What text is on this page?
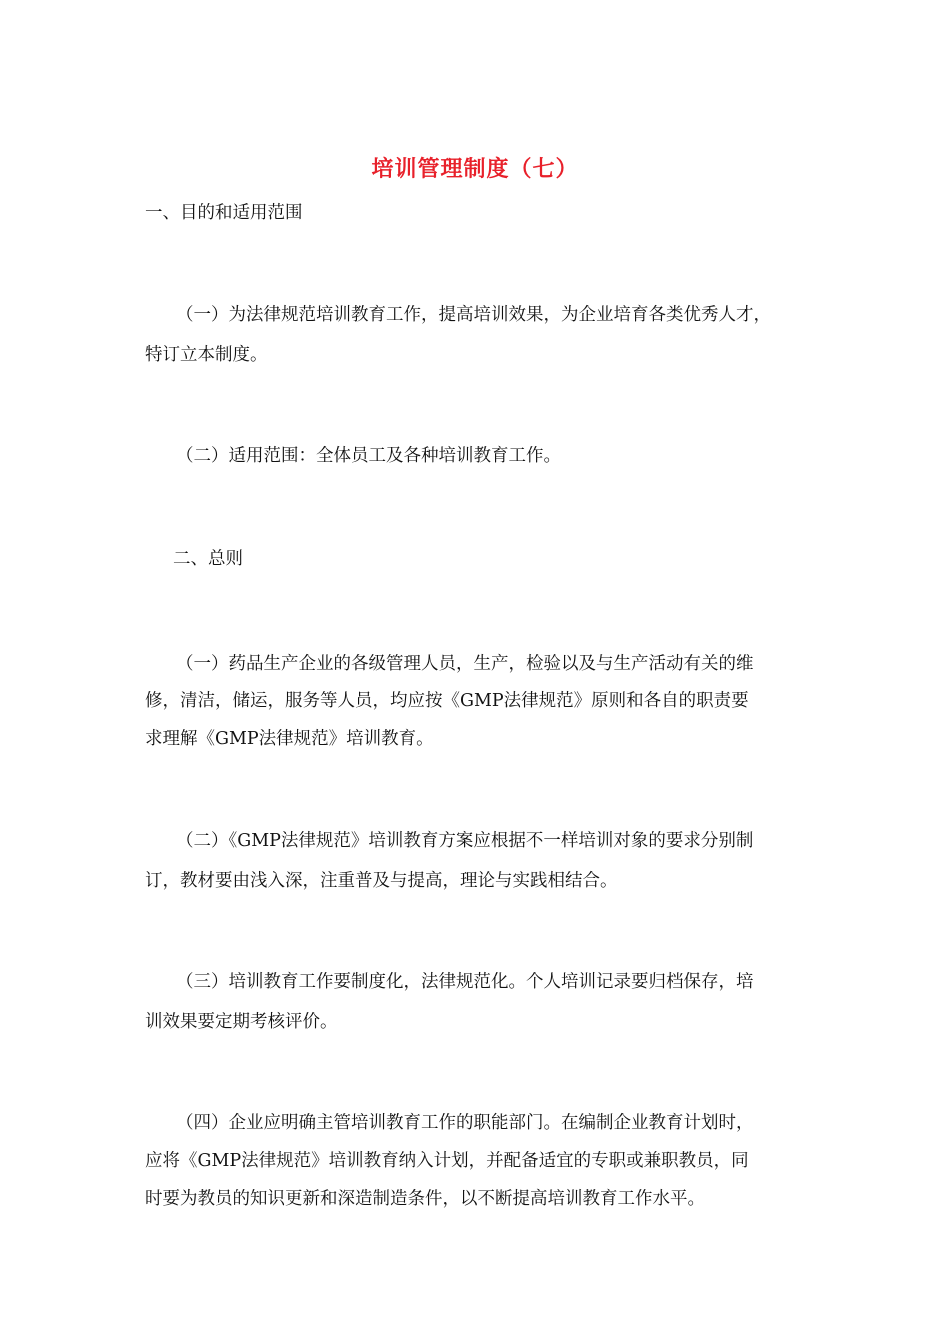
培训管理制度（七）
一、目的和适用范围
（一）为法律规范培训教育工作，提高培训效果，为企业培育各类优秀人才，
特订立本制度。
（二）适用范围：全体员工及各种培训教育工作。
二、总则
（一）药品生产企业的各级管理人员，生产，检验以及与生产活动有关的维
修，清洁，储运，服务等人员，均应按《GMP法律规范》原则和各自的职责要
求理解《GMP法律规范》培训教育。
（二）《GMP法律规范》培训教育方案应根据不一样培训对象的要求分别制
订，教材要由浅入深，注重普及与提高，理论与实践相结合。
（三）培训教育工作要制度化，法律规范化。个人培训记录要归档保存，培
训效果要定期考核评价。
（四）企业应明确主管培训教育工作的职能部门。在编制企业教育计划时，
应将《GMP法律规范》培训教育纳入计划，并配备适宜的专职或兼职教员，同
时要为教员的知识更新和深造制造条件，以不断提高培训教育工作水平。
